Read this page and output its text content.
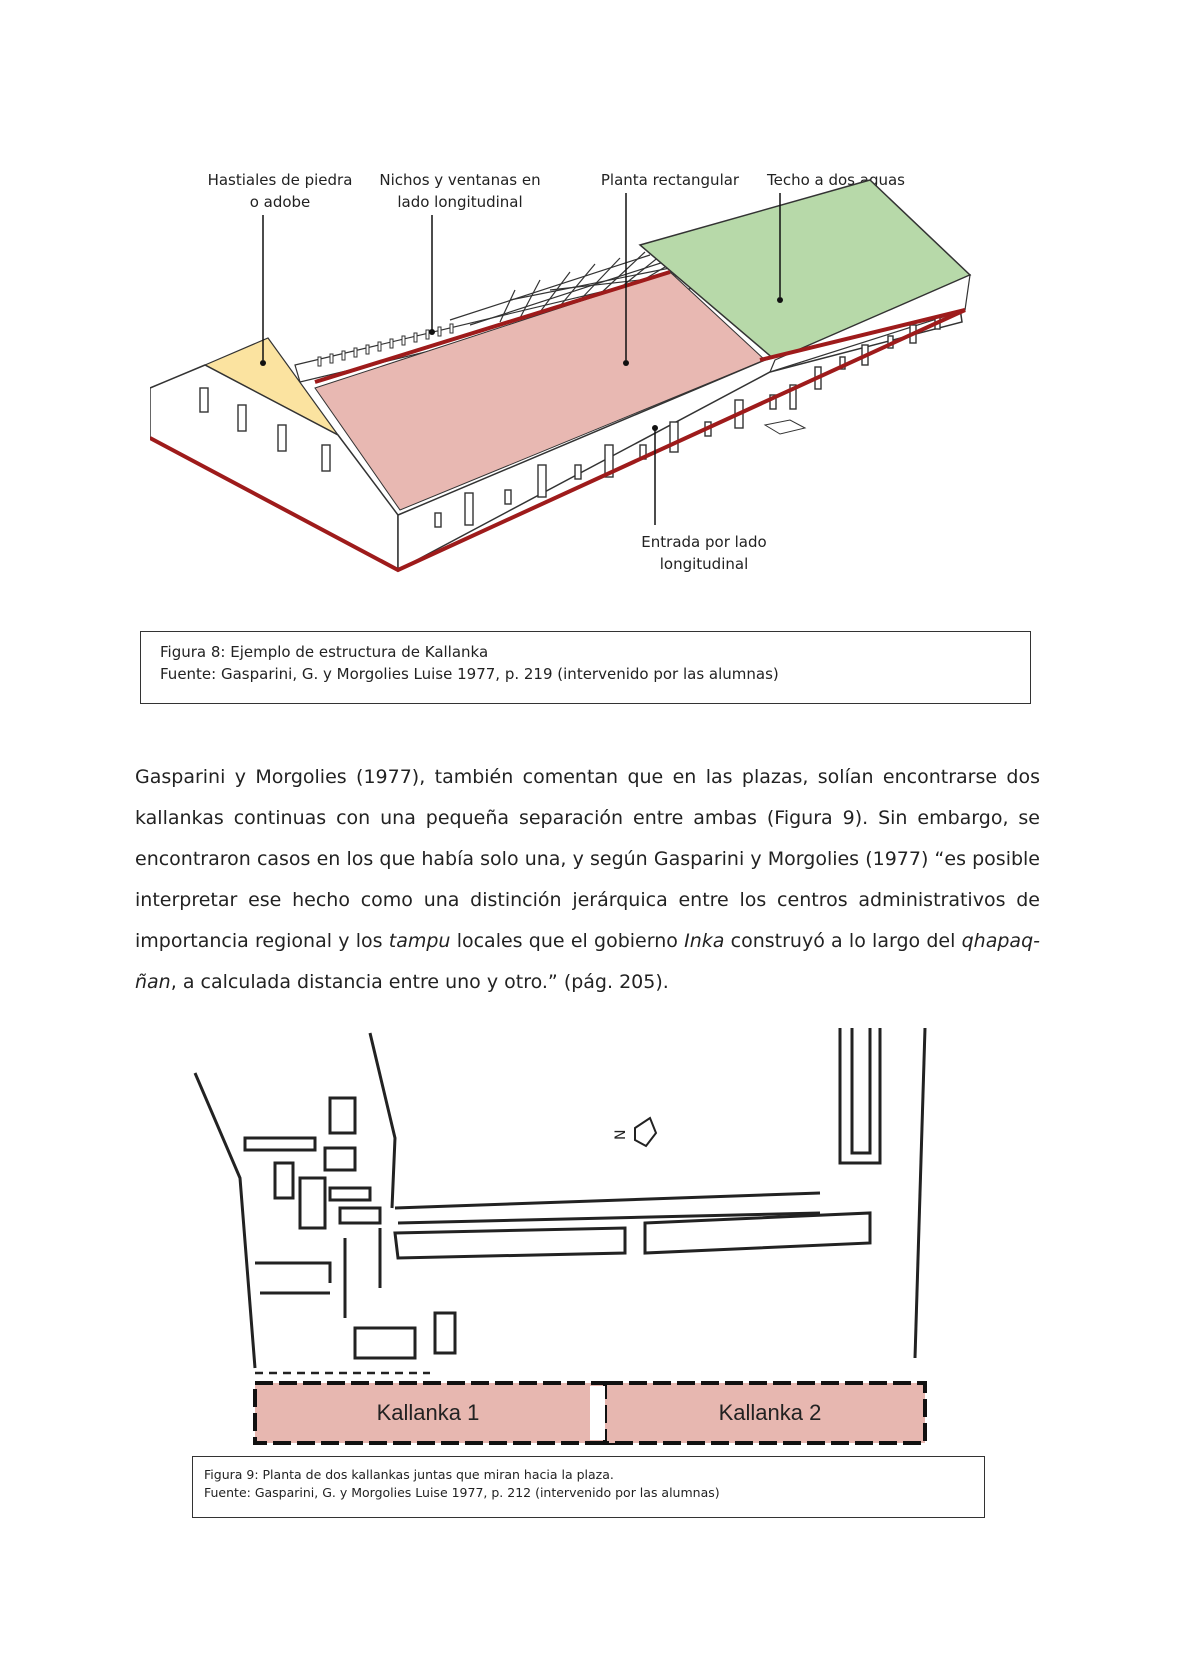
Hastiales de piedra
o adobe
Nichos y ventanas en
lado longitudinal
Planta rectangular Techo a dos aguas
Entrada por lado
longitudinal
Figura 8: Ejemplo de estructura de Kallanka
Fuente: Gasparini, G. y Morgolies Luise 1977, p. 219 (intervenido por las alumnas)

Gasparini y Morgolies (1977), también comentan que en las plazas, solían encontrarse dos kallankas continuas con una pequeña separación entre ambas (Figura 9). Sin embargo, se encontraron casos en los que había solo una, y según Gasparini y Morgolies (1977) “es posible interpretar ese hecho como una distinción jerárquica entre los centros administrativos de importancia regional y los tampu locales que el gobierno Inka construyó a lo largo del qhapaq-ñan, a calculada distancia entre uno y otro.” (pág. 205).

N
Kallanka 1	Kallanka 2
Figura 9: Planta de dos kallankas juntas que miran hacia la plaza.
Fuente: Gasparini, G. y Morgolies Luise 1977, p. 212 (intervenido por las alumnas)
